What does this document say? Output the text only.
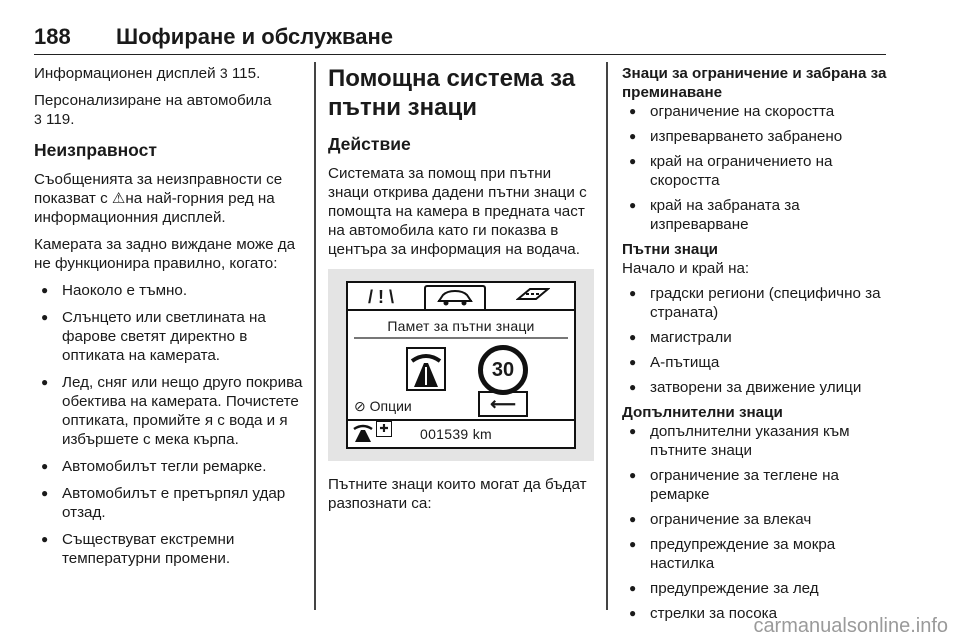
188 Шофиране и обслужване

Информационен дисплей 3 115.

Персонализиране на автомобила
3 119.

Неизправност

Съобщенията за неизправности се показват с ⚠на най-горния ред на информационния дисплей.

Камерата за задно виждане може да не функционира правилно, когато:

● Наоколо е тъмно.
● Слънцето или светлината на фарове светят директно в оптиката на камерата.
● Лед, сняг или нещо друго покрива обектива на камерата. Почистете оптиката, промийте я с вода и я избършете с мека кърпа.
● Автомобилът тегли ремарке.
● Автомобилът е претърпял удар отзад.
● Съществуват екстремни температурни промени.
Помощна система за пътни знаци
Действие

Системата за помощ при пътни знаци открива дадени пътни знаци с помощта на камера в предната част на автомобила като ги показва в центъра за информация на водача.

/ ! \
Памет за пътни знаци
30
⊘ Опции	⟵
✚ 001539 km

Пътните знаци които могат да бъдат разпознати са:

Знаци за ограничение и забрана за преминаване
● ограничение на скоростта
● изпреварването забранено
● край на ограничението на скоростта
● край на забраната за изпреварване
Пътни знаци

Начало и край на:

● градски региони (специфично за страната)
● магистрали
● А-пътища
● затворени за движение улици
Допълнителни знаци
● допълнителни указания към пътните знаци
● ограничение за теглене на ремарке
● ограничение за влекач
● предупреждение за мокра настилка
● предупреждение за лед
● стрелки за посока
carmanualsonline.info
